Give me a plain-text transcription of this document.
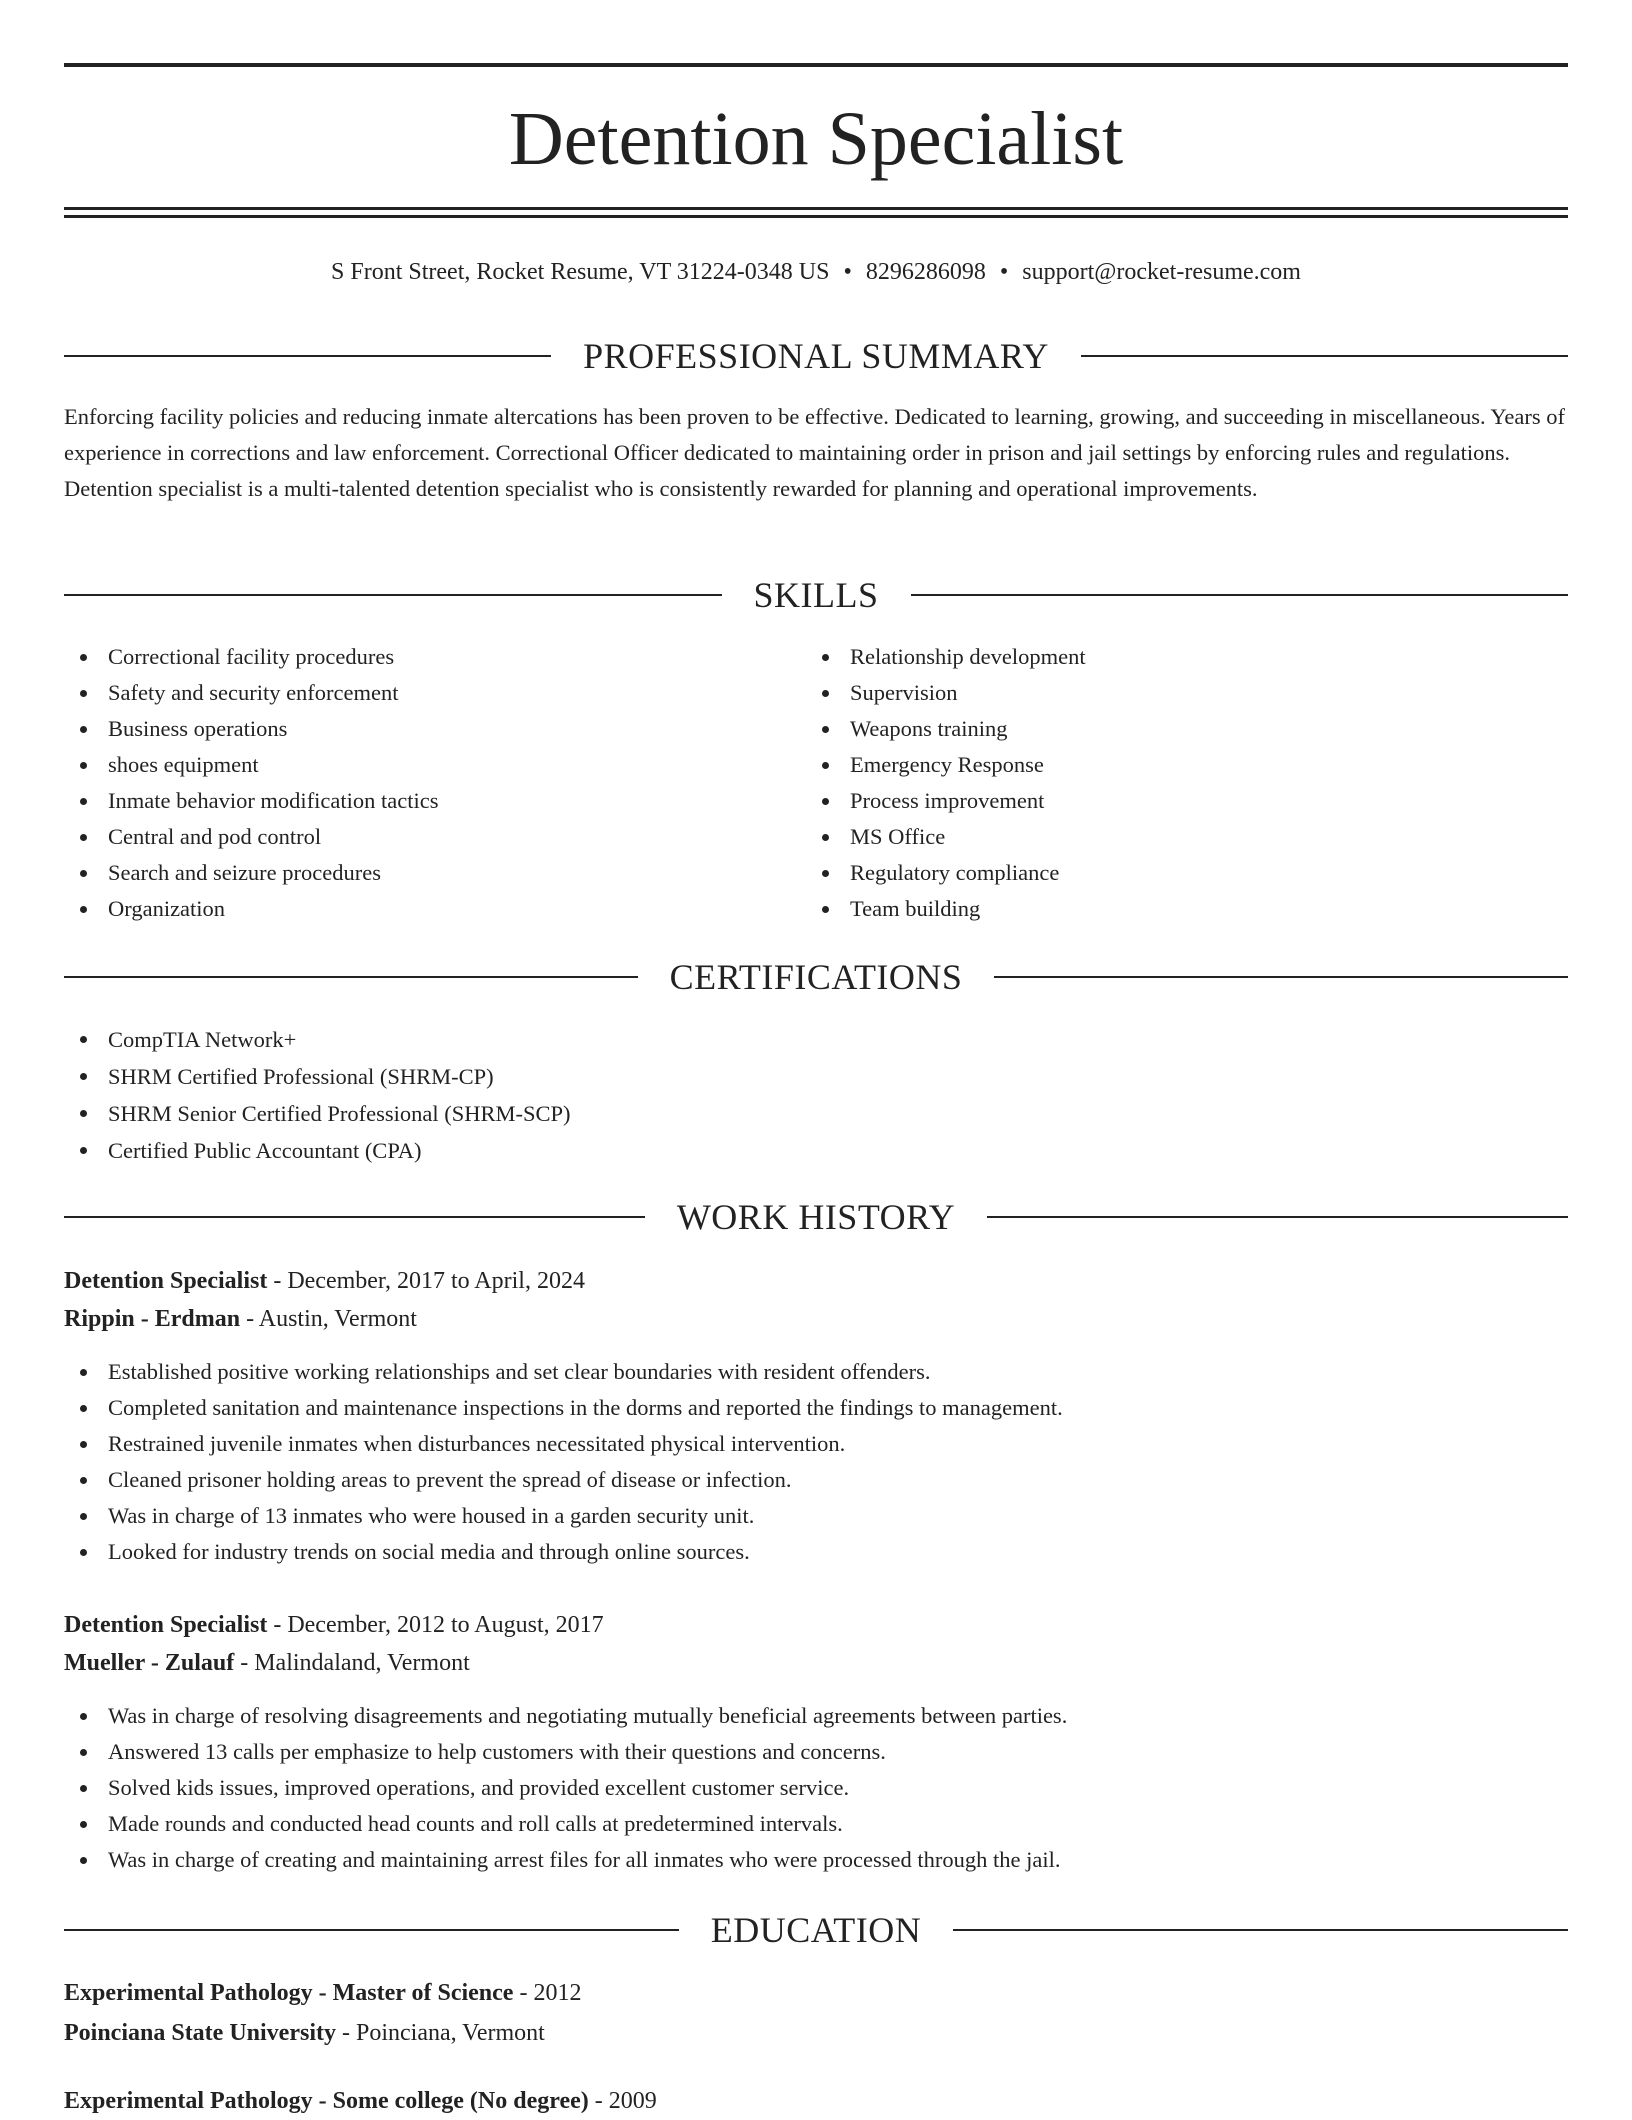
Detention Specialist
S Front Street, Rocket Resume, VT 31224-0348 US • 8296286098 • support@rocket-resume.com
PROFESSIONAL SUMMARY
Enforcing facility policies and reducing inmate altercations has been proven to be effective. Dedicated to learning, growing, and succeeding in miscellaneous. Years of experience in corrections and law enforcement. Correctional Officer dedicated to maintaining order in prison and jail settings by enforcing rules and regulations. Detention specialist is a multi-talented detention specialist who is consistently rewarded for planning and operational improvements.
SKILLS
Correctional facility procedures
Safety and security enforcement
Business operations
shoes equipment
Inmate behavior modification tactics
Central and pod control
Search and seizure procedures
Organization
Relationship development
Supervision
Weapons training
Emergency Response
Process improvement
MS Office
Regulatory compliance
Team building
CERTIFICATIONS
CompTIA Network+
SHRM Certified Professional (SHRM-CP)
SHRM Senior Certified Professional (SHRM-SCP)
Certified Public Accountant (CPA)
WORK HISTORY
Detention Specialist - December, 2017 to April, 2024
Rippin - Erdman - Austin, Vermont
Established positive working relationships and set clear boundaries with resident offenders.
Completed sanitation and maintenance inspections in the dorms and reported the findings to management.
Restrained juvenile inmates when disturbances necessitated physical intervention.
Cleaned prisoner holding areas to prevent the spread of disease or infection.
Was in charge of 13 inmates who were housed in a garden security unit.
Looked for industry trends on social media and through online sources.
Detention Specialist - December, 2012 to August, 2017
Mueller - Zulauf - Malindaland, Vermont
Was in charge of resolving disagreements and negotiating mutually beneficial agreements between parties.
Answered 13 calls per emphasize to help customers with their questions and concerns.
Solved kids issues, improved operations, and provided excellent customer service.
Made rounds and conducted head counts and roll calls at predetermined intervals.
Was in charge of creating and maintaining arrest files for all inmates who were processed through the jail.
EDUCATION
Experimental Pathology - Master of Science - 2012
Poinciana State University - Poinciana, Vermont
Experimental Pathology - Some college (No degree) - 2009
